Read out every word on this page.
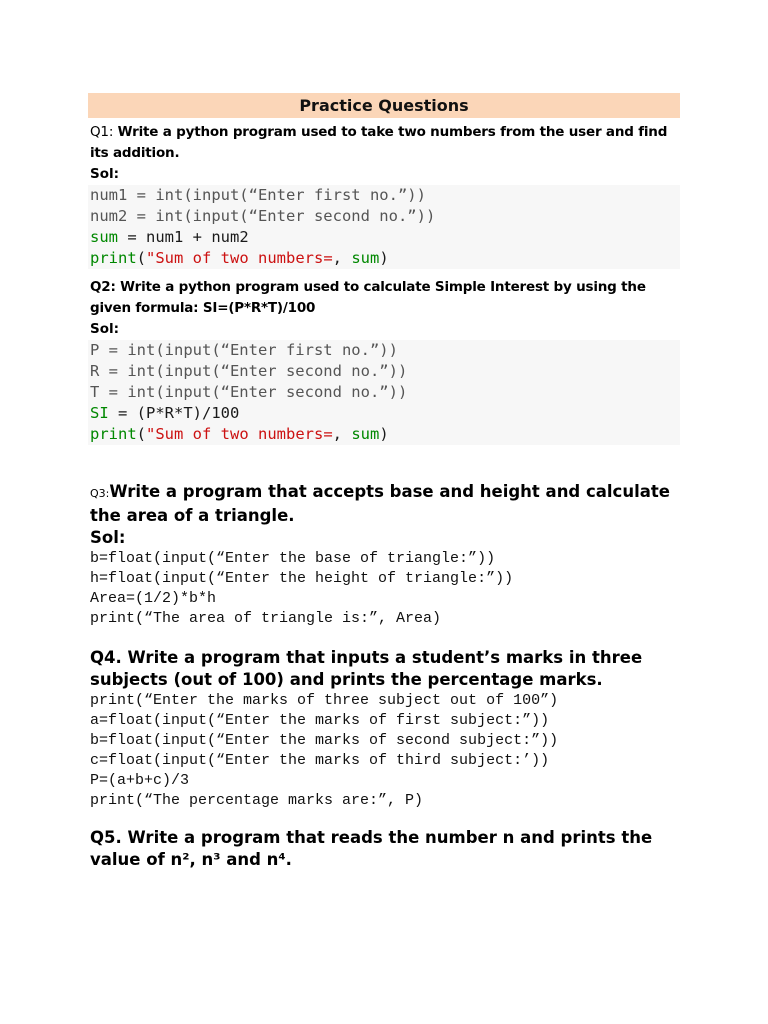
Practice Questions
Q1: Write a python program used to take two numbers from the user and find its addition.
Sol:
num1 = int(input(“Enter first no.”))
num2 = int(input(“Enter second no.”))
sum = num1 + num2
print("Sum of two numbers=, sum)
Q2: Write a python program used to calculate Simple Interest by using the given formula: SI=(P*R*T)/100
Sol:
P = int(input(“Enter first no.”))
R = int(input(“Enter second no.”))
T = int(input(“Enter second no.”))
SI = (P*R*T)/100
print("Sum of two numbers=, sum)
Q3:Write a program that accepts base and height and calculate the area of a triangle.
Sol:
b=float(input(“Enter the base of triangle:”))
h=float(input(“Enter the height of triangle:”))
Area=(1/2)*b*h
print(“The area of triangle is:”, Area)
Q4. Write a program that inputs a student’s marks in three subjects (out of 100) and prints the percentage marks.
print(“Enter the marks of three subject out of 100”)
a=float(input(“Enter the marks of first subject:”))
b=float(input(“Enter the marks of second subject:”))
c=float(input(“Enter the marks of third subject:’))
P=(a+b+c)/3
print(“The percentage marks are:”, P)
Q5. Write a program that reads the number n and prints the value of n², n³ and n⁴.
